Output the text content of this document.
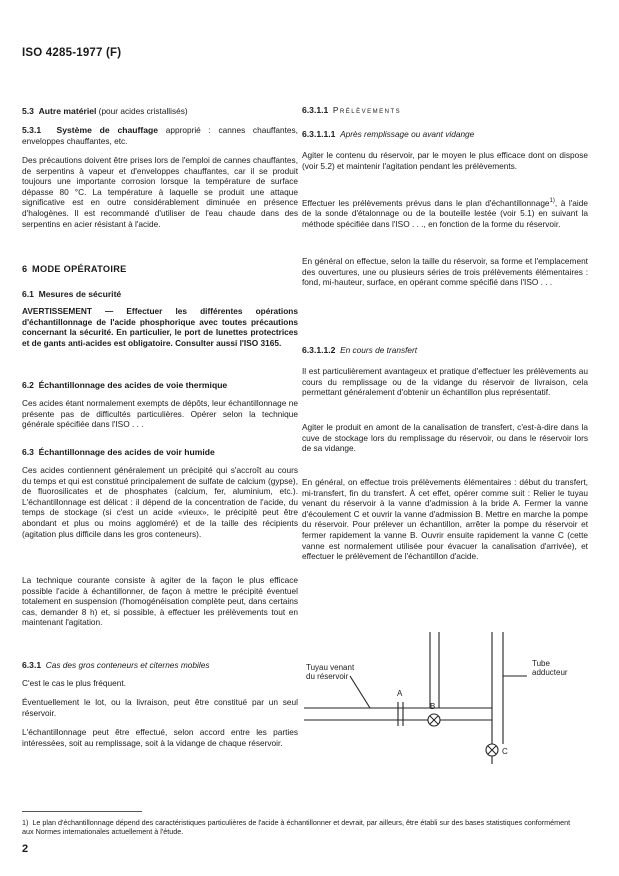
ISO 4285-1977 (F)
5.3 Autre matériel (pour acides cristallisés)
5.3.1 Système de chauffage approprié : cannes chauffantes, enveloppes chauffantes, etc.
Des précautions doivent être prises lors de l'emploi de cannes chauffantes, de serpentins à vapeur et d'enveloppes chauffantes, car il se produit toujours une importante corrosion lorsque la température de surface dépasse 80 °C. La température à laquelle se produit une attaque significative est en outre considérablement diminuée en présence d'halogènes. Il est recommandé d'utiliser de l'eau chaude dans des serpentins en acier résistant à l'acide.
6 MODE OPÉRATOIRE
6.1 Mesures de sécurité
AVERTISSEMENT — Effectuer les différentes opérations d'échantillonnage de l'acide phosphorique avec toutes précautions concernant la sécurité. En particulier, le port de lunettes protectrices et de gants anti-acides est obligatoire. Consulter aussi l'ISO 3165.
6.2 Échantillonnage des acides de voie thermique
Ces acides étant normalement exempts de dépôts, leur échantillonnage ne présente pas de difficultés particulières. Opérer selon la technique générale spécifiée dans l'ISO . . .
6.3 Échantillonnage des acides de voir humide
Ces acides contiennent généralement un précipité qui s'accroît au cours du temps et qui est constitué principalement de sulfate de calcium (gypse), de fluorosilicates et de phosphates (calcium, fer, aluminium, etc.). L'échantillonnage est délicat : il dépend de la concentration de l'acide, du temps de stockage (si c'est un acide «vieux», le précipité peut être abondant et plus ou moins aggloméré) et de la taille des récipients (agitation plus difficile dans les gros conteneurs).
La technique courante consiste à agiter de la façon le plus efficace possible l'acide à échantillonner, de façon à mettre le précipité éventuel totalement en suspension (l'homogénéisation complète peut, dans certains cas, demander 8 h) et, si possible, à effectuer les prélèvements tout en maintenant l'agitation.
6.3.1 Cas des gros conteneurs et citernes mobiles
C'est le cas le plus fréquent.
Éventuellement le lot, ou la livraison, peut être constitué par un seul réservoir.
L'échantillonnage peut être effectué, selon accord entre les parties intéressées, soit au remplissage, soit à la vidange de chaque réservoir.
6.3.1.1 Prélèvements
6.3.1.1.1 Après remplissage ou avant vidange
Agiter le contenu du réservoir, par le moyen le plus efficace dont on dispose (voir 5.2) et maintenir l'agitation pendant les prélèvements.
Effectuer les prélèvements prévus dans le plan d'échantillonnage$^{1)}$, à l'aide de la sonde d'étalonnage ou de la bouteille lestée (voir 5.1) en suivant la méthode spécifiée dans l'ISO . . ., en fonction de la forme du réservoir.
En général on effectue, selon la taille du réservoir, sa forme et l'emplacement des ouvertures, une ou plusieurs séries de trois prélèvements élémentaires : fond, mi-hauteur, surface, en opérant comme spécifié dans l'ISO . . .
6.3.1.1.2 En cours de transfert
Il est particulièrement avantageux et pratique d'effectuer les prélèvements au cours du remplissage ou de la vidange du réservoir de livraison, cela permettant généralement d'obtenir un échantillon plus représentatif.
Agiter le produit en amont de la canalisation de transfert, c'est-à-dire dans la cuve de stockage lors du remplissage du réservoir, ou dans le réservoir lors de sa vidange.
En général, on effectue trois prélèvements élémentaires : début du transfert, mi-transfert, fin du transfert. À cet effet, opérer comme suit : Relier le tuyau venant du réservoir à la vanne d'admission à la bride A. Fermer la vanne d'écoulement C et ouvrir la vanne d'admission B. Mettre en marche la pompe du réservoir. Pour prélever un échantillon, arrêter la pompe du réservoir et fermer rapidement la vanne B. Ouvrir ensuite rapidement la vanne C (cette vanne est normalement utilisée pour évacuer la canalisation d'arrivée), et effectuer le prélèvement de l'échantillon d'acide.
Tuyau venant
du réservoir
Tube
adducteur
A
B
C
1) Le plan d'échantillonnage dépend des caractéristiques particulières de l'acide à échantillonner et devrait, par ailleurs, être établi sur des bases statistiques conformément aux Normes internationales actuellement à l'étude.
2
